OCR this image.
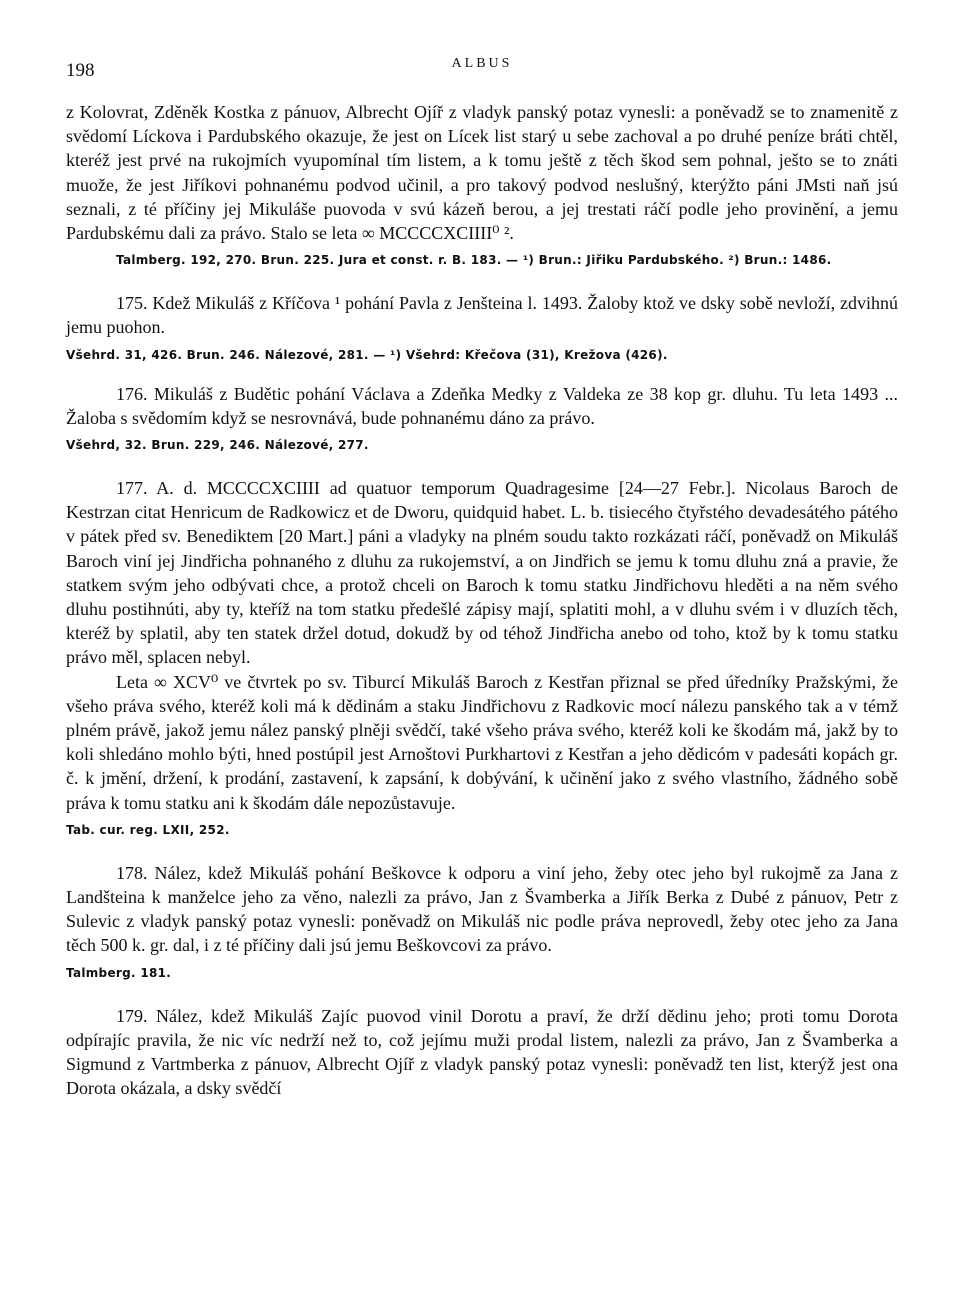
198	ALBUS

z Kolovrat, Zděněk Kostka z pánuov, Albrecht Ojíř z vladyk panský potaz vynesli: a poněvadž se to znamenitě z svědomí Líckova i Pardubského okazuje, že jest on Lícek list starý u sebe zachoval a po druhé peníze bráti chtěl, kteréž jest prvé na rukojmích vyupomínal tím listem, a k tomu ještě z těch škod sem pohnal, ješto se to znáti muože, že jest Jiříkovi pohnanému podvod učinil, a pro takový podvod neslušný, kterýžto páni JMsti naň jsú seznali, z té příčiny jej Mikuláše puovoda v svú kázeň berou, a jej trestati ráčí podle jeho provinění, a jemu Pardubskému dali za právo. Stalo se leta ∞ MCCCCXCIIII⁰ ².

Talmberg. 192, 270. Brun. 225. Jura et const. r. B. 183. — ¹) Brun.: Jiřiku Pardubského. ²) Brun.: 1486.

175. Kdež Mikuláš z Kříčova ¹ pohání Pavla z Jenšteina l. 1493. Žaloby ktož ve dsky sobě nevloží, zdvihnú jemu puohon.

Všehrd. 31, 426. Brun. 246. Nálezové, 281. — ¹) Všehrd: Křečova (31), Krežova (426).

176. Mikuláš z Budětic pohání Václava a Zdeňka Medky z Valdeka ze 38 kop gr. dluhu. Tu leta 1493 ... Žaloba s svědomím když se nesrovnává, bude pohnanému dáno za právo.

Všehrd, 32. Brun. 229, 246. Nálezové, 277.

177. A. d. MCCCCXCIIII ad quatuor temporum Quadragesime [24—27 Febr.]. Nicolaus Baroch de Kestrzan citat Henricum de Radkowicz et de Dworu, quidquid habet. L. b. tisiecého čtyřstého devadesátého pátého v pátek před sv. Benediktem [20 Mart.] páni a vladyky na plném soudu takto rozkázati ráčí, poněvadž on Mikuláš Baroch viní jej Jindřicha pohnaného z dluhu za rukojemství, a on Jindřich se jemu k tomu dluhu zná a pravie, že statkem svým jeho odbývati chce, a protož chceli on Baroch k tomu statku Jindřichovu hleděti a na něm svého dluhu postihnúti, aby ty, kteříž na tom statku předešlé zápisy mají, splatiti mohl, a v dluhu svém i v dluzích těch, kteréž by splatil, aby ten statek držel dotud, dokudž by od téhož Jindřicha anebo od toho, ktož by k tomu statku právo měl, splacen nebyl.

Leta ∞ XCV⁰ ve čtvrtek po sv. Tiburcí Mikuláš Baroch z Kestřan přiznal se před úředníky Pražskými, že všeho práva svého, kteréž koli má k dědinám a staku Jindřichovu z Radkovic mocí nálezu panského tak a v témž plném právě, jakož jemu nález panský plněji svědčí, také všeho práva svého, kteréž koli ke škodám má, jakž by to koli shledáno mohlo býti, hned postúpil jest Arnoštovi Purkhartovi z Kestřan a jeho dědicóm v padesáti kopách gr. č. k jmění, držení, k prodání, zastavení, k zapsání, k dobývání, k učinění jako z svého vlastního, žádného sobě práva k tomu statku ani k škodám dále nepozůstavuje.

Tab. cur. reg. LXII, 252.

178. Nález, kdež Mikuláš pohání Beškovce k odporu a viní jeho, žeby otec jeho byl rukojmě za Jana z Landšteina k manželce jeho za věno, nalezli za právo, Jan z Švamberka a Jiřík Berka z Dubé z pánuov, Petr z Sulevic z vladyk panský potaz vynesli: poněvadž on Mikuláš nic podle práva neprovedl, žeby otec jeho za Jana těch 500 k. gr. dal, i z té příčiny dali jsú jemu Beškovcovi za právo.

Talmberg. 181.

179. Nález, kdež Mikuláš Zajíc puovod vinil Dorotu a praví, že drží dědinu jeho; proti tomu Dorota odpírajíc pravila, že nic víc nedrží než to, což jejímu muži prodal listem, nalezli za právo, Jan z Švamberka a Sigmund z Vartmberka z pánuov, Albrecht Ojíř z vladyk panský potaz vynesli: poněvadž ten list, kterýž jest ona Dorota okázala, a dsky svědčí
